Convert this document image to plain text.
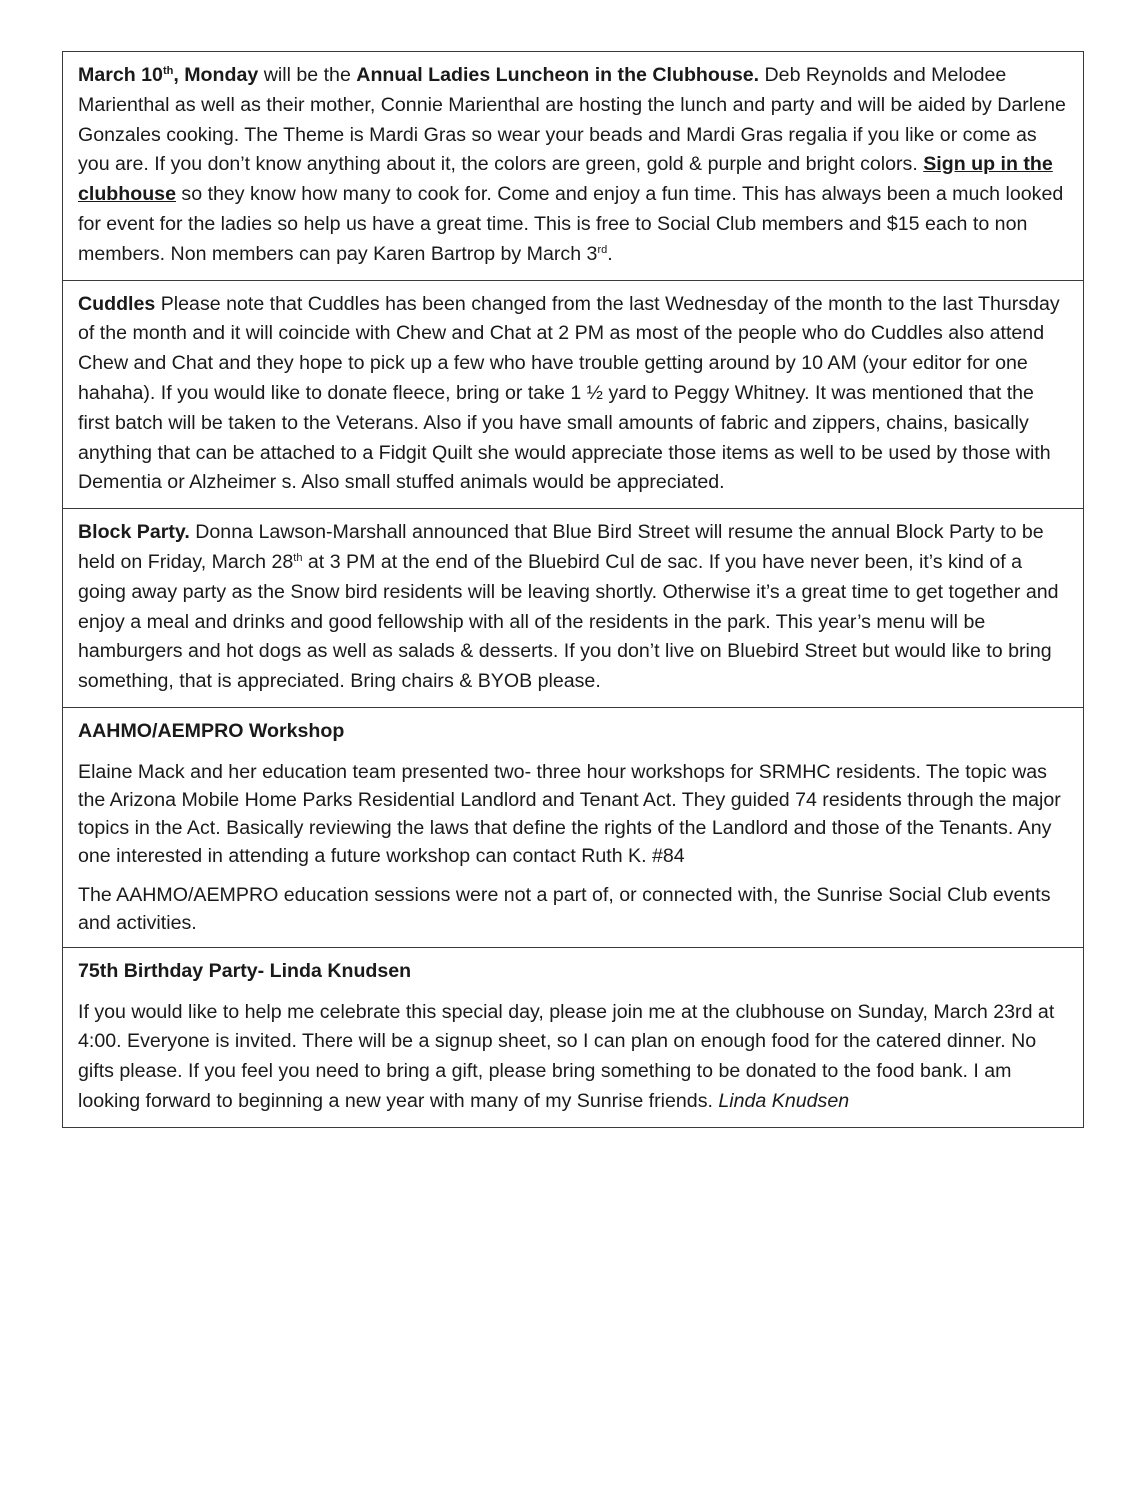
March 10th, Monday will be the Annual Ladies Luncheon in the Clubhouse. Deb Reynolds and Melodee Marienthal as well as their mother, Connie Marienthal are hosting the lunch and party and will be aided by Darlene Gonzales cooking. The Theme is Mardi Gras so wear your beads and Mardi Gras regalia if you like or come as you are. If you don’t know anything about it, the colors are green, gold & purple and bright colors. Sign up in the clubhouse so they know how many to cook for. Come and enjoy a fun time. This has always been a much looked for event for the ladies so help us have a great time. This is free to Social Club members and $15 each to non members. Non members can pay Karen Bartrop by March 3rd.

Cuddles Please note that Cuddles has been changed from the last Wednesday of the month to the last Thursday of the month and it will coincide with Chew and Chat at 2 PM as most of the people who do Cuddles also attend Chew and Chat and they hope to pick up a few who have trouble getting around by 10 AM (your editor for one hahaha). If you would like to donate fleece, bring or take 1 ½ yard to Peggy Whitney. It was mentioned that the first batch will be taken to the Veterans. Also if you have small amounts of fabric and zippers, chains, basically anything that can be attached to a Fidgit Quilt she would appreciate those items as well to be used by those with Dementia or Alzheimer s. Also small stuffed animals would be appreciated.

Block Party. Donna Lawson-Marshall announced that Blue Bird Street will resume the annual Block Party to be held on Friday, March 28th at 3 PM at the end of the Bluebird Cul de sac. If you have never been, it’s kind of a going away party as the Snow bird residents will be leaving shortly. Otherwise it’s a great time to get together and enjoy a meal and drinks and good fellowship with all of the residents in the park. This year’s menu will be hamburgers and hot dogs as well as salads & desserts. If you don’t live on Bluebird Street but would like to bring something, that is appreciated. Bring chairs & BYOB please.

AAHMO/AEMPRO Workshop

Elaine Mack and her education team presented two- three hour workshops for SRMHC residents. The topic was the Arizona Mobile Home Parks Residential Landlord and Tenant Act. They guided 74 residents through the major topics in the Act. Basically reviewing the laws that define the rights of the Landlord and those of the Tenants. Any one interested in attending a future workshop can contact Ruth K. #84

The AAHMO/AEMPRO education sessions were not a part of, or connected with, the Sunrise Social Club events and activities.

75th Birthday Party- Linda Knudsen

If you would like to help me celebrate this special day, please join me at the clubhouse on Sunday, March 23rd at 4:00. Everyone is invited. There will be a signup sheet, so I can plan on enough food for the catered dinner. No gifts please. If you feel you need to bring a gift, please bring something to be donated to the food bank. I am looking forward to beginning a new year with many of my Sunrise friends. Linda Knudsen
